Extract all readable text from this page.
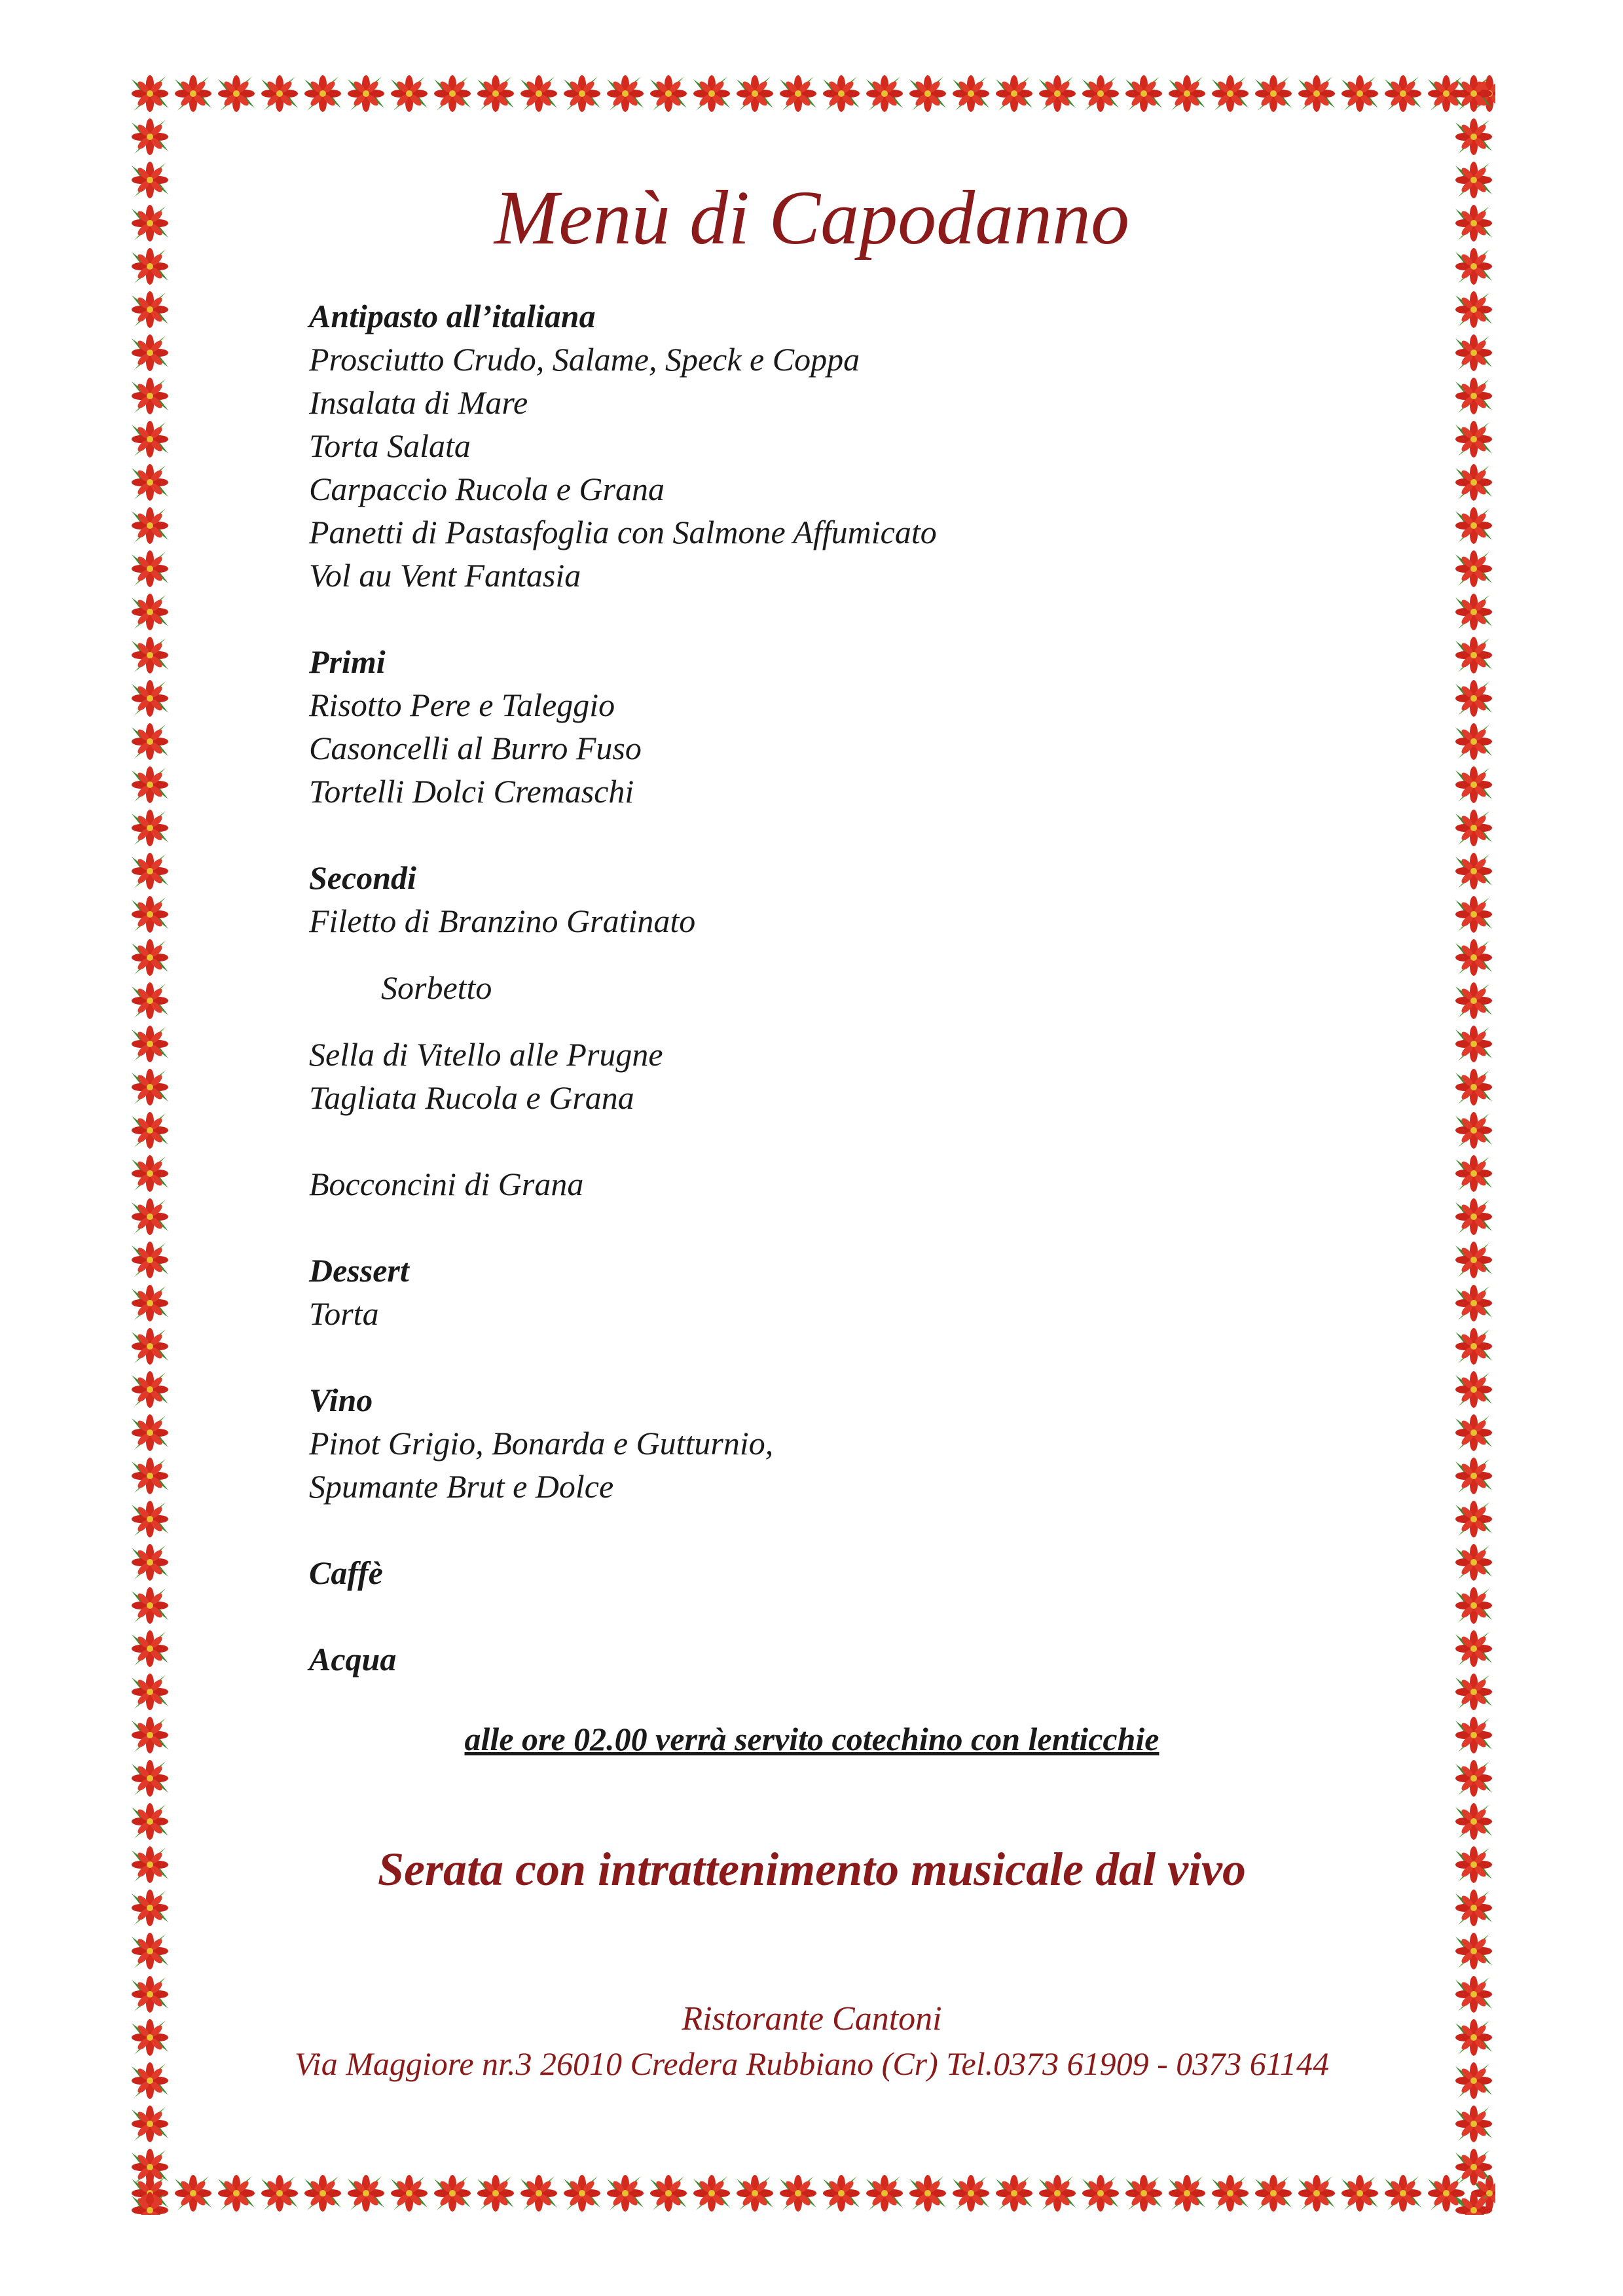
Menù di Capodanno
Antipasto all’italiana
Prosciutto Crudo, Salame, Speck e Coppa
Insalata di Mare
Torta Salata
Carpaccio Rucola e Grana
Panetti di Pastasfoglia con Salmone Affumicato
Vol au Vent Fantasia
Primi
Risotto Pere e Taleggio
Casoncelli al Burro Fuso
Tortelli Dolci Cremaschi
Secondi
Filetto di Branzino Gratinato
Sorbetto
Sella di Vitello alle Prugne
Tagliata Rucola e Grana
Bocconcini di Grana
Dessert
Torta
Vino
Pinot Grigio, Bonarda e Gutturnio,
Spumante Brut e Dolce
Caffè
Acqua
alle ore 02.00 verrà servito cotechino con lenticchie
Serata con intrattenimento musicale dal vivo
Ristorante Cantoni
Via Maggiore nr.3 26010 Credera Rubbiano (Cr) Tel.0373 61909 - 0373 61144
